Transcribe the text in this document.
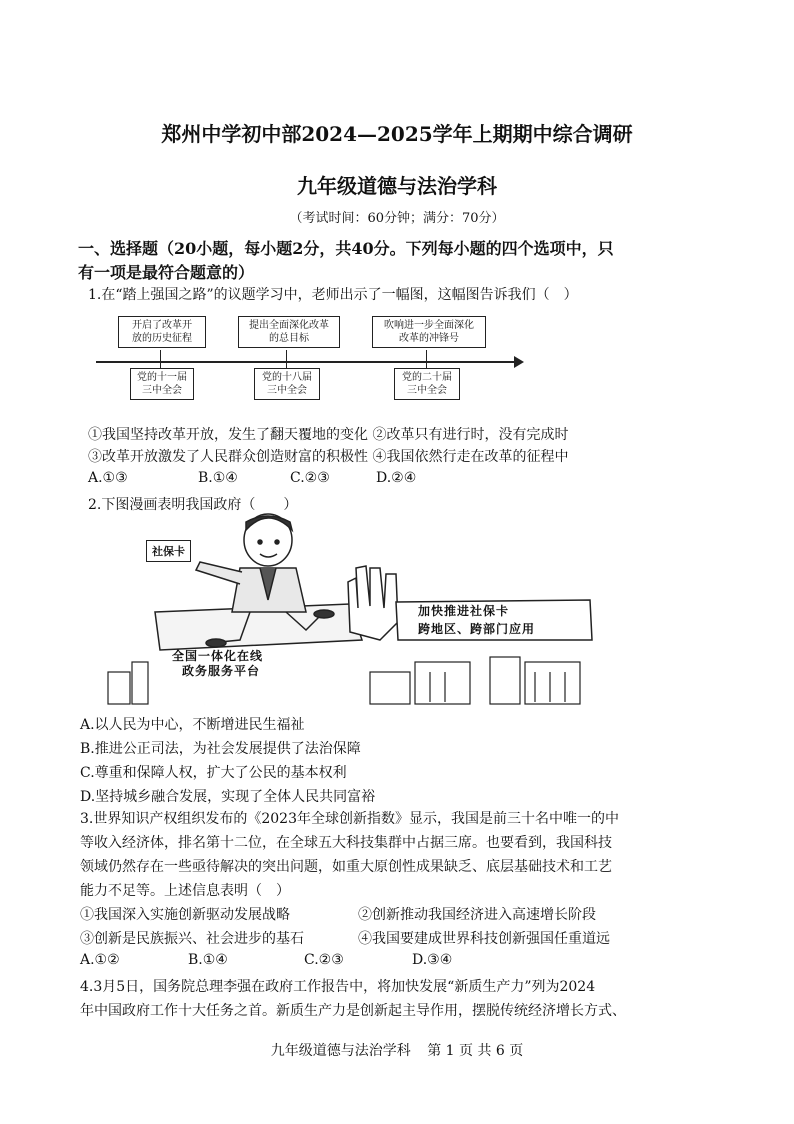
郑州中学初中部2024—2025学年上期期中综合调研
九年级道德与法治学科
（考试时间：60分钟；满分：70分）
一、选择题（20小题，每小题2分，共40分。下列每小题的四个选项中，只
有一项是最符合题意的）
1.在“踏上强国之路”的议题学习中，老师出示了一幅图，这幅图告诉我们（　）
开启了改革开
放的历史征程
提出全面深化改革
的总目标
吹响进一步全面深化
改革的冲锋号
党的十一届
三中全会
党的十八届
三中全会
党的二十届
三中全会
①我国坚持改革开放，发生了翻天覆地的变化 ②改革只有进行时，没有完成时
③改革开放激发了人民群众创造财富的积极性 ④我国依然行走在改革的征程中
A.①③	B.①④	C.②③	D.②④
2.下图漫画表明我国政府（　　）
社保卡
加快推进社保卡
跨地区、跨部门应用
全国一体化在线
政务服务平台
A.以人民为中心，不断增进民生福祉
B.推进公正司法，为社会发展提供了法治保障
C.尊重和保障人权，扩大了公民的基本权利
D.坚持城乡融合发展，实现了全体人民共同富裕
3.世界知识产权组织发布的《2023年全球创新指数》显示，我国是前三十名中唯一的中
等收入经济体，排名第十二位，在全球五大科技集群中占据三席。也要看到，我国科技
领域仍然存在一些亟待解决的突出问题，如重大原创性成果缺乏、底层基础技术和工艺
能力不足等。上述信息表明（　）
①我国深入实施创新驱动发展战略	②创新推动我国经济进入高速增长阶段
③创新是民族振兴、社会进步的基石	④我国要建成世界科技创新强国任重道远
A.①②	B.①④	C.②③	D.③④
4.3月5日，国务院总理李强在政府工作报告中，将加快发展“新质生产力”列为2024
年中国政府工作十大任务之首。新质生产力是创新起主导作用，摆脱传统经济增长方式、
九年级道德与法治学科 第 1 页 共 6 页
